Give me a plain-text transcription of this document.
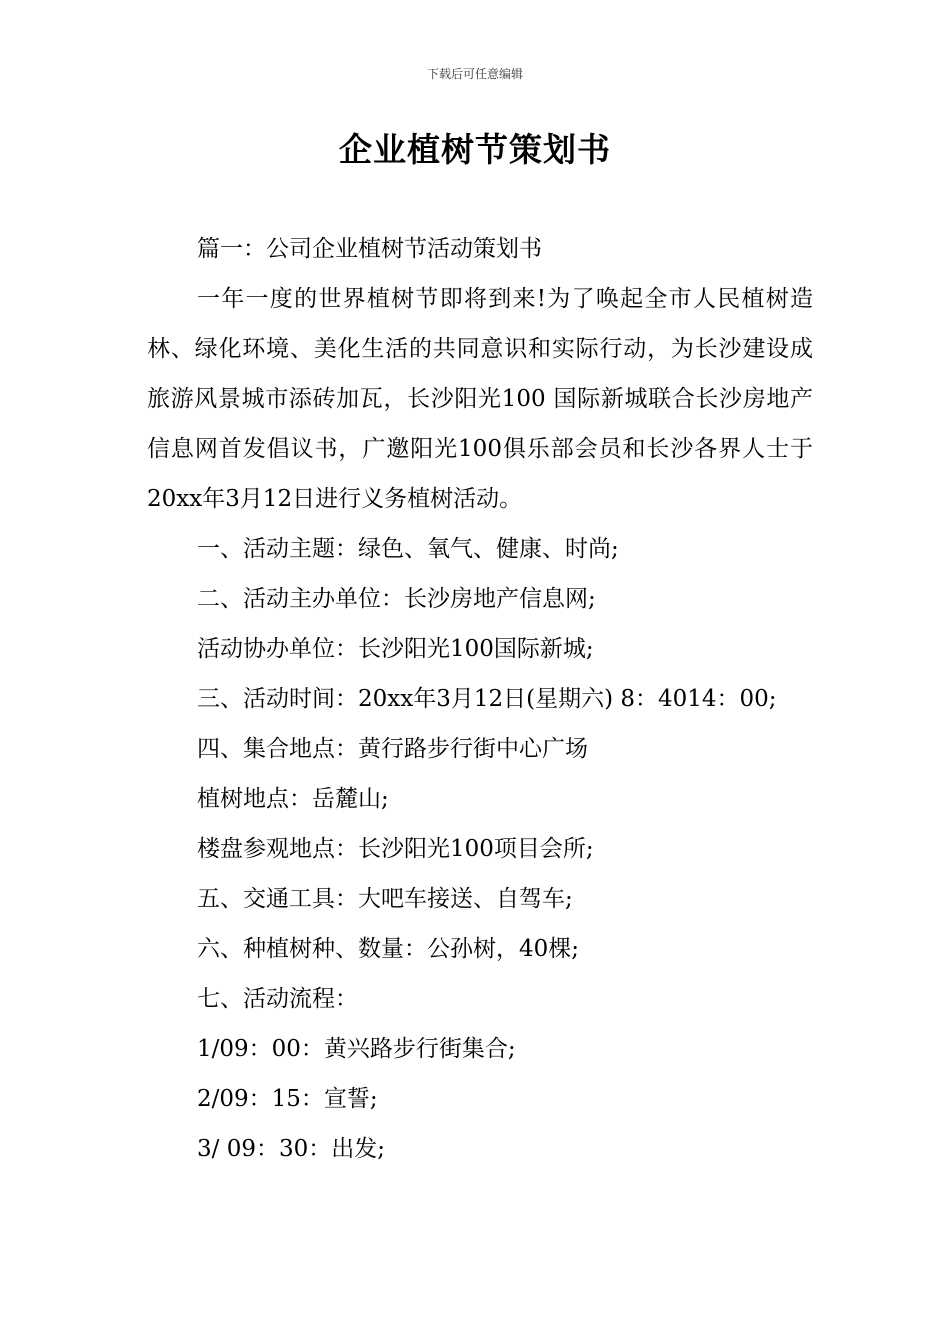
下载后可任意编辑
企业植树节策划书

篇一：公司企业植树节活动策划书

一年一度的世界植树节即将到来!为了唤起全市人民植树造林、绿化环境、美化生活的共同意识和实际行动，为长沙建设成旅游风景城市添砖加瓦，长沙阳光100 国际新城联合长沙房地产信息网首发倡议书，广邀阳光100俱乐部会员和长沙各界人士于20xx年3月12日进行义务植树活动。

一、活动主题：绿色、氧气、健康、时尚;

二、活动主办单位：长沙房地产信息网;

活动协办单位：长沙阳光100国际新城;

三、活动时间：20xx年3月12日(星期六) 8：4014：00;

四、集合地点：黄行路步行街中心广场

植树地点：岳麓山;

楼盘参观地点：长沙阳光100项目会所;

五、交通工具：大吧车接送、自驾车;

六、种植树种、数量：公孙树，40棵;

七、活动流程：

1/09：00：黄兴路步行街集合;

2/09：15：宣誓;

3/ 09：30：出发;
